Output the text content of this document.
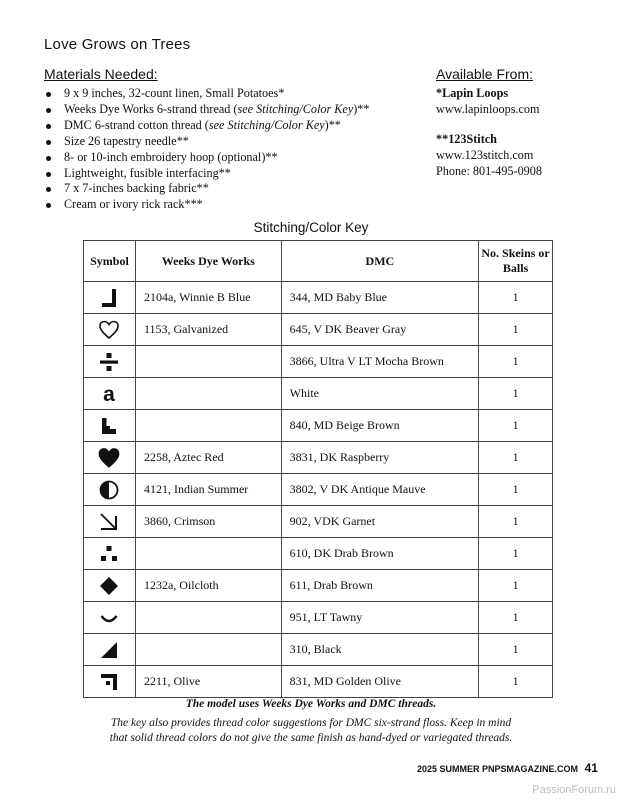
Love Grows on Trees
Materials Needed:
9 x 9 inches, 32-count linen, Small Potatoes*
Weeks Dye Works 6-strand thread (see Stitching/Color Key)**
DMC 6-strand cotton thread (see Stitching/Color Key)**
Size 26 tapestry needle**
8- or 10-inch embroidery hoop (optional)**
Lightweight, fusible interfacing**
7 x 7-inches backing fabric**
Cream or ivory rick rack***
Available From:
*Lapin Loops
www.lapinloops.com
**123Stitch
www.123stitch.com
Phone: 801-495-0908
Stitching/Color Key
Symbol	Weeks Dye Works	DMC	No. Skeins or Balls

	2104a, Winnie B Blue	344, MD Baby Blue	1

	1153, Galvanized	645, V DK Beaver Gray	1

		3866, Ultra V LT Mocha Brown	1

a		White	1

		840, MD Beige Brown	1

	2258, Aztec Red	3831, DK Raspberry	1

	4121, Indian Summer	3802, V DK Antique Mauve	1

	3860, Crimson	902, VDK Garnet	1

		610, DK Drab Brown	1

	1232a, Oilcloth	611, Drab Brown	1

		951, LT Tawny	1

		310, Black	1

	2211, Olive	831, MD Golden Olive	1
The model uses Weeks Dye Works and DMC threads.
The key also provides thread color suggestions for DMC six-strand floss. Keep in mind
that solid thread colors do not give the same finish as hand-dyed or variegated threads.
2025 SUMMER PNPSMAGAZINE.COM 41
PassionForum.ru
